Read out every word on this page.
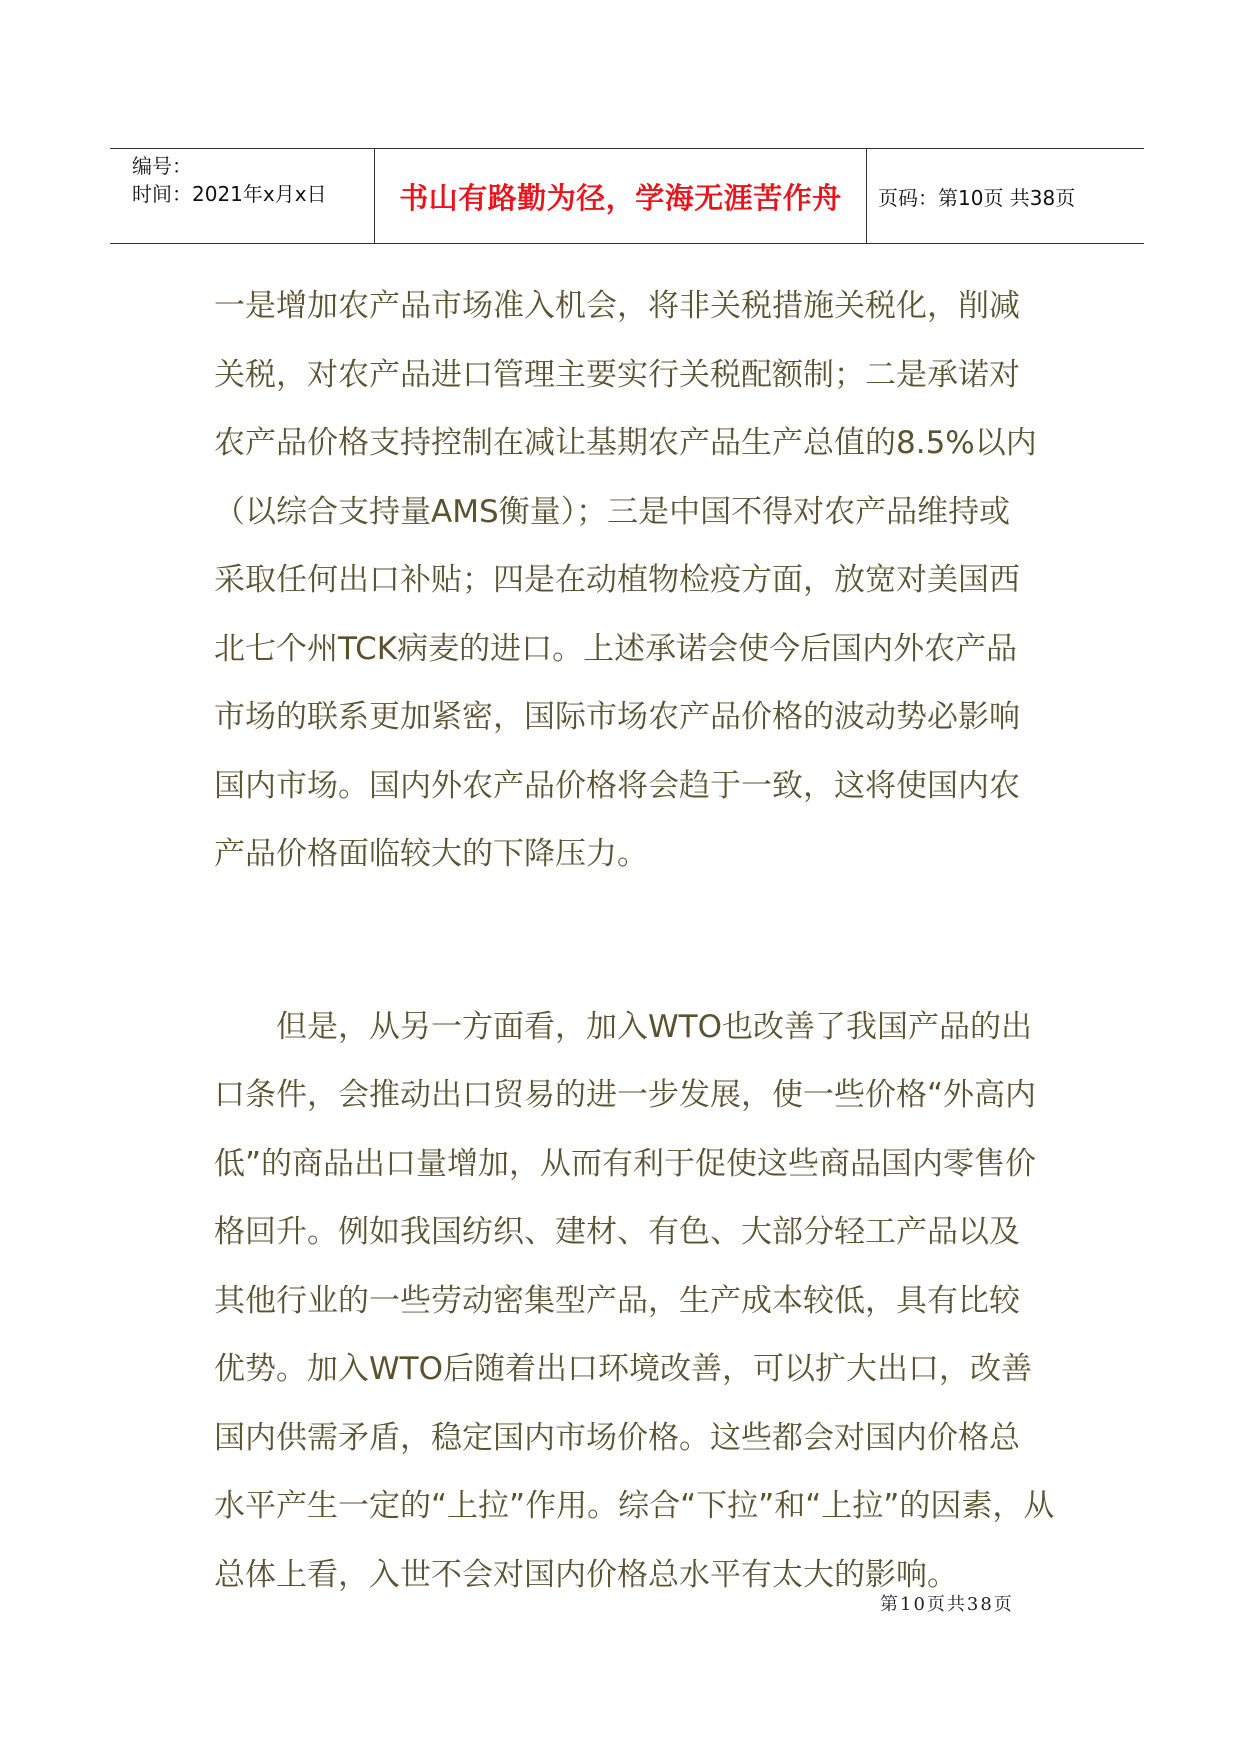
编号：
时间：2021年x月x日	书山有路勤为径，学海无涯苦作舟	页码：第10页 共38页
一是增加农产品市场准入机会，将非关税措施关税化，削减
关税，对农产品进口管理主要实行关税配额制；二是承诺对
农产品价格支持控制在减让基期农产品生产总值的8.5%以内
（以综合支持量AMS衡量）；三是中国不得对农产品维持或
采取任何出口补贴；四是在动植物检疫方面，放宽对美国西
北七个州TCK病麦的进口。上述承诺会使今后国内外农产品
市场的联系更加紧密，国际市场农产品价格的波动势必影响
国内市场。国内外农产品价格将会趋于一致，这将使国内农
产品价格面临较大的下降压力。
　　但是，从另一方面看，加入WTO也改善了我国产品的出
口条件，会推动出口贸易的进一步发展，使一些价格“外高内
低”的商品出口量增加，从而有利于促使这些商品国内零售价
格回升。例如我国纺织、建材、有色、大部分轻工产品以及
其他行业的一些劳动密集型产品，生产成本较低，具有比较
优势。加入WTO后随着出口环境改善，可以扩大出口，改善
国内供需矛盾，稳定国内市场价格。这些都会对国内价格总
水平产生一定的“上拉”作用。综合“下拉”和“上拉”的因素，从
总体上看，入世不会对国内价格总水平有太大的影响。
第10页共38页
